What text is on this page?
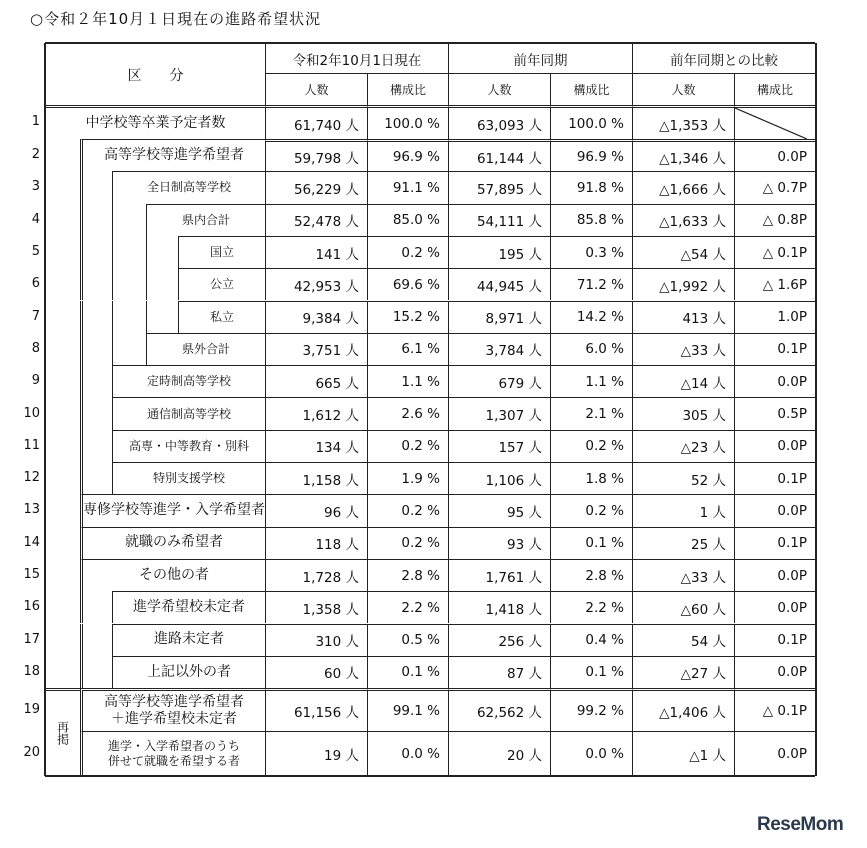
○令和２年10月１日現在の進路希望状況
区　　分
令和2年10月1日現在	前年同期	前年同期との比較
人数	構成比	人数	構成比	人数	構成比
1	中学校等卒業予定者数	61,740 人	100.0 %	63,093 人	100.0 %	△1,353 人
2	高等学校等進学希望者	59,798 人	96.9 %	61,144 人	96.9 %	△1,346 人	0.0P
3	全日制高等学校	56,229 人	91.1 %	57,895 人	91.8 %	△1,666 人	△ 0.7P
4	県内合計	52,478 人	85.0 %	54,111 人	85.8 %	△1,633 人	△ 0.8P
5	国立	141 人	0.2 %	195 人	0.3 %	△54 人	△ 0.1P
6	公立	42,953 人	69.6 %	44,945 人	71.2 %	△1,992 人	△ 1.6P
7	私立	9,384 人	15.2 %	8,971 人	14.2 %	413 人	1.0P
8	県外合計	3,751 人	6.1 %	3,784 人	6.0 %	△33 人	0.1P
9	定時制高等学校	665 人	1.1 %	679 人	1.1 %	△14 人	0.0P
10	通信制高等学校	1,612 人	2.6 %	1,307 人	2.1 %	305 人	0.5P
11	高専・中等教育・別科	134 人	0.2 %	157 人	0.2 %	△23 人	0.0P
12	特別支援学校	1,158 人	1.9 %	1,106 人	1.8 %	52 人	0.1P
13	専修学校等進学・入学希望者	96 人	0.2 %	95 人	0.2 %	1 人	0.0P
14	就職のみ希望者	118 人	0.2 %	93 人	0.1 %	25 人	0.1P
15	その他の者	1,728 人	2.8 %	1,761 人	2.8 %	△33 人	0.0P
16	進学希望校未定者	1,358 人	2.2 %	1,418 人	2.2 %	△60 人	0.0P
17	進路未定者	310 人	0.5 %	256 人	0.4 %	54 人	0.1P
18	上記以外の者	60 人	0.1 %	87 人	0.1 %	△27 人	0.0P
19	高等学校等進学希望者
＋進学希望校未定者	61,156 人	99.1 %	62,562 人	99.2 %	△1,406 人	△ 0.1P
20	進学・入学希望者のうち
併せて就職を希望する者	19 人	0.0 %	20 人	0.0 %	△1 人	0.0P
再掲
ReseMom
